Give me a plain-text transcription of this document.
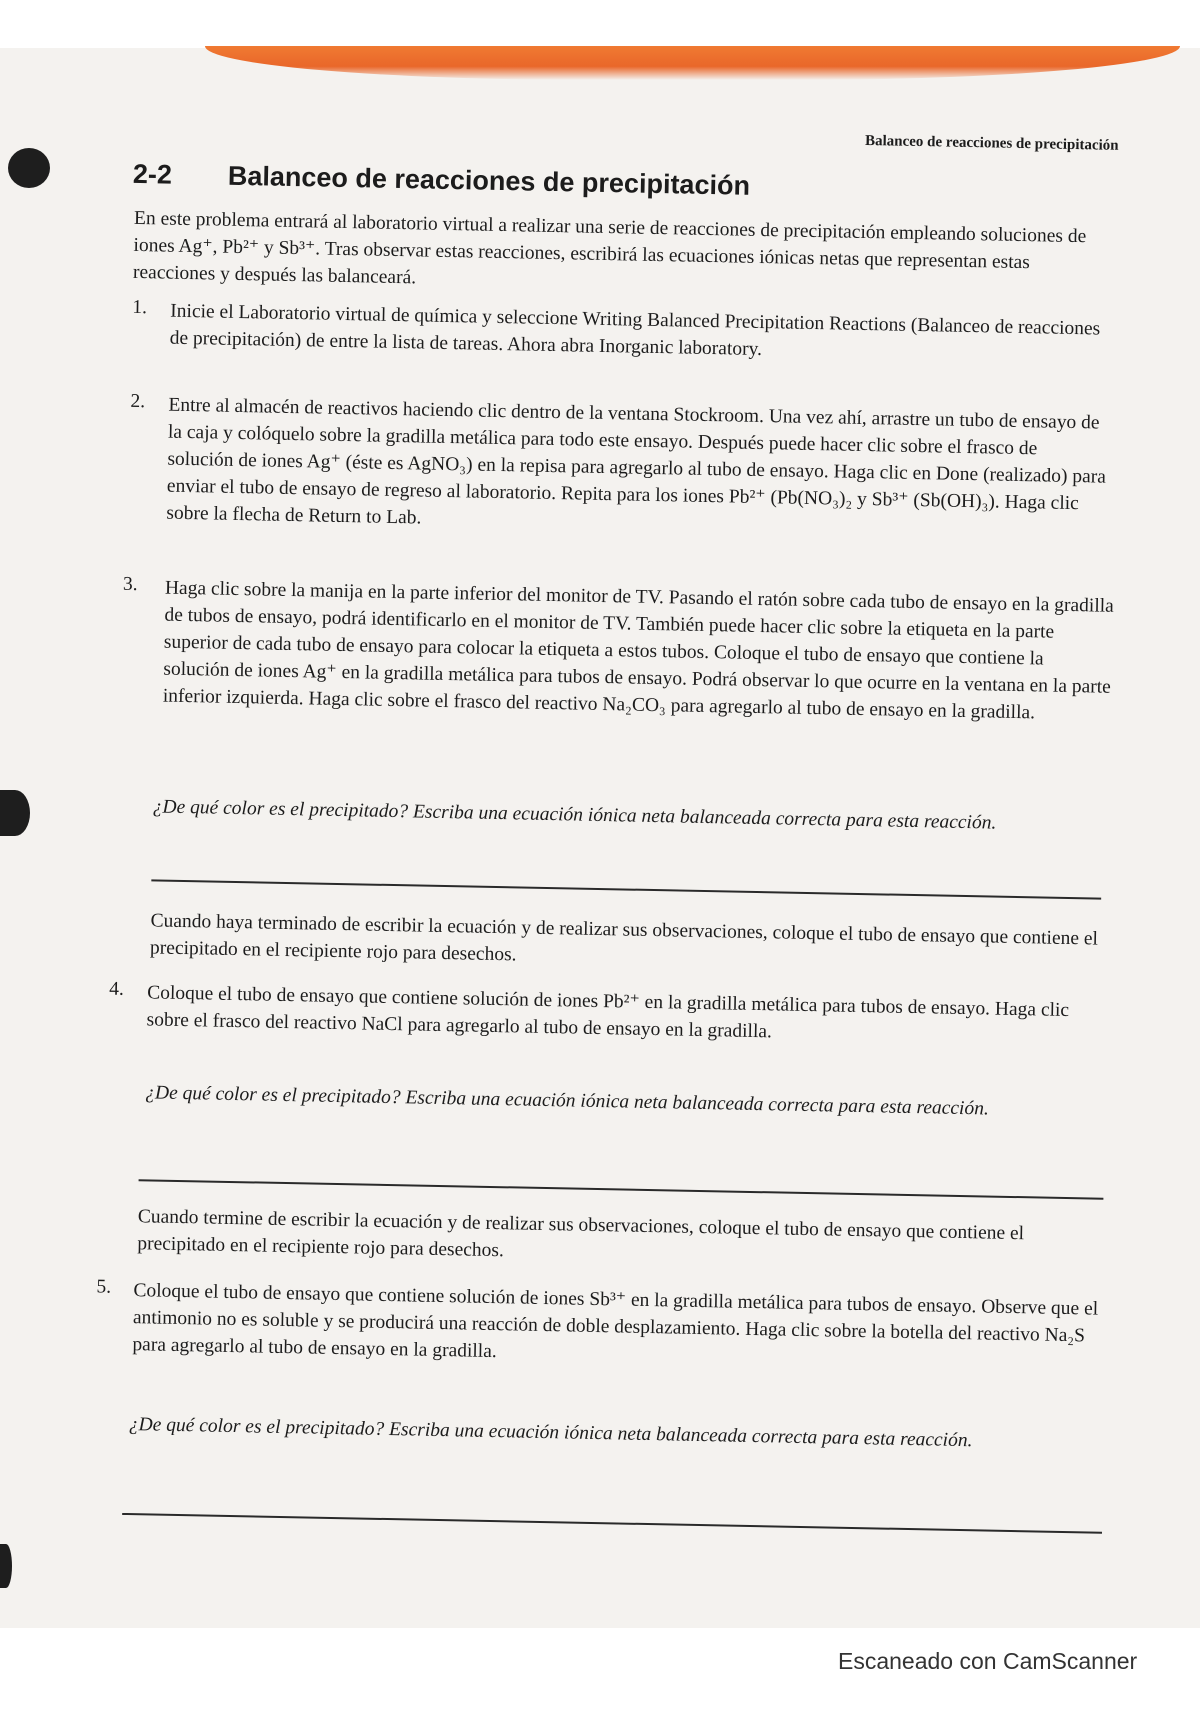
Balanceo de reacciones de precipitación
2-2 Balanceo de reacciones de precipitación

En este problema entrará al laboratorio virtual a realizar una serie de reacciones de precipitación empleando soluciones de iones Ag⁺, Pb²⁺ y Sb³⁺. Tras observar estas reacciones, escribirá las ecuaciones iónicas netas que representan estas reacciones y después las balanceará.

1. Inicie el Laboratorio virtual de química y seleccione Writing Balanced Precipitation Reactions (Balanceo de reacciones de precipitación) de entre la lista de tareas. Ahora abra Inorganic laboratory.

2. Entre al almacén de reactivos haciendo clic dentro de la ventana Stockroom. Una vez ahí, arrastre un tubo de ensayo de la caja y colóquelo sobre la gradilla metálica para todo este ensayo. Después puede hacer clic sobre el frasco de solución de iones Ag⁺ (éste es AgNO₃) en la repisa para agregarlo al tubo de ensayo. Haga clic en Done (realizado) para enviar el tubo de ensayo de regreso al laboratorio. Repita para los iones Pb²⁺ (Pb(NO₃)₂ y Sb³⁺ (Sb(OH)₃). Haga clic sobre la flecha de Return to Lab.

3. Haga clic sobre la manija en la parte inferior del monitor de TV. Pasando el ratón sobre cada tubo de ensayo en la gradilla de tubos de ensayo, podrá identificarlo en el monitor de TV. También puede hacer clic sobre la etiqueta en la parte superior de cada tubo de ensayo para colocar la etiqueta a estos tubos. Coloque el tubo de ensayo que contiene la solución de iones Ag⁺ en la gradilla metálica para tubos de ensayo. Podrá observar lo que ocurre en la ventana en la parte inferior izquierda. Haga clic sobre el frasco del reactivo Na₂CO₃ para agregarlo al tubo de ensayo en la gradilla.

¿De qué color es el precipitado? Escriba una ecuación iónica neta balanceada correcta para esta reacción.

Cuando haya terminado de escribir la ecuación y de realizar sus observaciones, coloque el tubo de ensayo que contiene el precipitado en el recipiente rojo para desechos.

4. Coloque el tubo de ensayo que contiene solución de iones Pb²⁺ en la gradilla metálica para tubos de ensayo. Haga clic sobre el frasco del reactivo NaCl para agregarlo al tubo de ensayo en la gradilla.

¿De qué color es el precipitado? Escriba una ecuación iónica neta balanceada correcta para esta reacción.

Cuando termine de escribir la ecuación y de realizar sus observaciones, coloque el tubo de ensayo que contiene el precipitado en el recipiente rojo para desechos.

5. Coloque el tubo de ensayo que contiene solución de iones Sb³⁺ en la gradilla metálica para tubos de ensayo. Observe que el antimonio no es soluble y se producirá una reacción de doble desplazamiento. Haga clic sobre la botella del reactivo Na₂S para agregarlo al tubo de ensayo en la gradilla.

¿De qué color es el precipitado? Escriba una ecuación iónica neta balanceada correcta para esta reacción.

Escaneado con CamScanner
